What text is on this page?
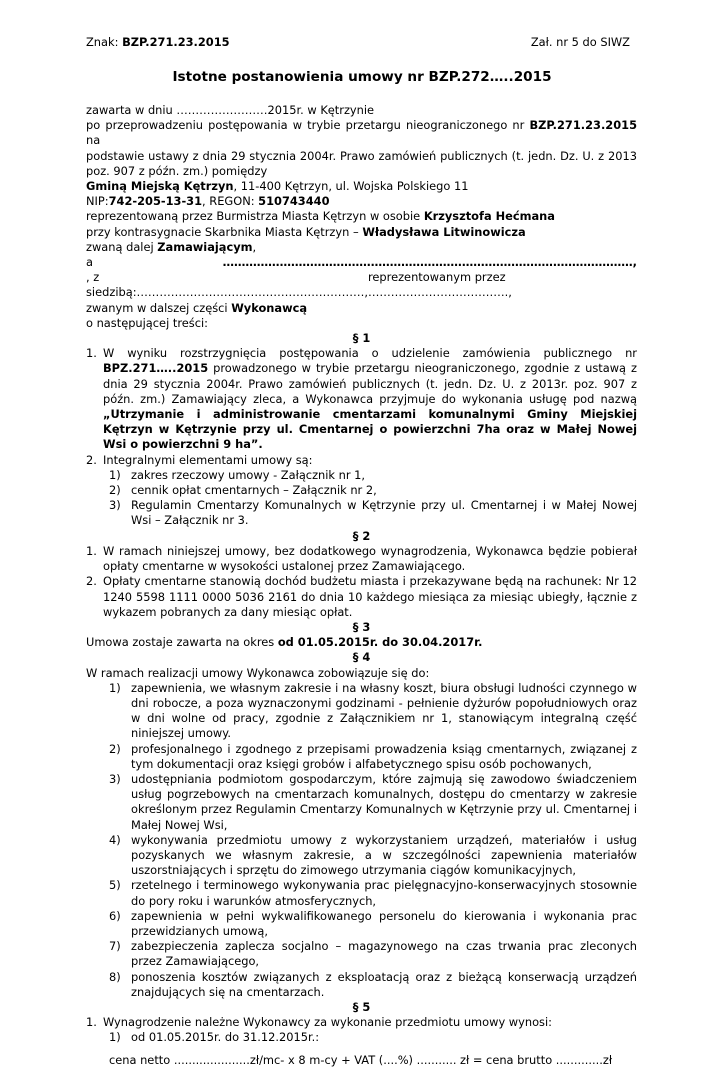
Znak: BZP.271.23.2015	Zał. nr 5 do SIWZ
Istotne postanowienia umowy nr BZP.272…..2015

zawarta w dniu ……………………2015r. w Kętrzynie

po przeprowadzeniu postępowania w trybie przetargu nieograniczonego nr BZP.271.23.2015 na

podstawie ustawy z dnia 29 stycznia 2004r. Prawo zamówień publicznych (t. jedn. Dz. U. z 2013 poz. 907 z późn. zm.) pomiędzy

Gminą Miejską Kętrzyn, 11-400 Kętrzyn, ul. Wojska Polskiego 11

NIP:742-205-13-31, REGON: 510743440

reprezentowaną przez Burmistrza Miasta Kętrzyn w osobie Krzysztofa Hećmana

przy kontrasygnacie Skarbnika Miasta Kętrzyn – Władysława Litwinowicza

zwaną dalej Zamawiającym,

a	………………………………………………………………………………………………,

, z siedzibą:……………………………………………………,
reprezentowanym przez ……………………………….,

zwanym w dalszej części Wykonawcą

o następującej treści:

§ 1

1. W wyniku rozstrzygnięcia postępowania o udzielenie zamówienia publicznego nr BPZ.271…..2015 prowadzonego w trybie przetargu nieograniczonego, zgodnie z ustawą z dnia 29 stycznia 2004r. Prawo zamówień publicznych (t. jedn. Dz. U. z 2013r. poz. 907 z późn. zm.) Zamawiający zleca, a Wykonawca przyjmuje do wykonania usługę pod nazwą „Utrzymanie i administrowanie cmentarzami komunalnymi Gminy Miejskiej Kętrzyn w Kętrzynie przy ul. Cmentarnej o powierzchni 7ha oraz w Małej Nowej Wsi o powierzchni 9 ha”.
2. Integralnymi elementami umowy są:
1) zakres rzeczowy umowy - Załącznik nr 1,
2) cennik opłat cmentarnych – Załącznik nr 2,
3) Regulamin Cmentarzy Komunalnych w Kętrzynie przy ul. Cmentarnej i w Małej Nowej Wsi – Załącznik nr 3.

§ 2

1. W ramach niniejszej umowy, bez dodatkowego wynagrodzenia, Wykonawca będzie pobierał opłaty cmentarne w wysokości ustalonej przez Zamawiającego.
2. Opłaty cmentarne stanowią dochód budżetu miasta i przekazywane będą na rachunek: Nr 12 1240 5598 1111 0000 5036 2161 do dnia 10 każdego miesiąca za miesiąc ubiegły, łącznie z wykazem pobranych za dany miesiąc opłat.

§ 3

Umowa zostaje zawarta na okres od 01.05.2015r. do 30.04.2017r.

§ 4

W ramach realizacji umowy Wykonawca zobowiązuje się do:

1) zapewnienia, we własnym zakresie i na własny koszt, biura obsługi ludności czynnego w dni robocze, a poza wyznaczonymi godzinami - pełnienie dyżurów popołudniowych oraz w dni wolne od pracy, zgodnie z Załącznikiem nr 1, stanowiącym integralną część niniejszej umowy.
2) profesjonalnego i zgodnego z przepisami prowadzenia ksiąg cmentarnych, związanej z tym dokumentacji oraz księgi grobów i alfabetycznego spisu osób pochowanych,
3) udostępniania podmiotom gospodarczym, które zajmują się zawodowo świadczeniem usług pogrzebowych na cmentarzach komunalnych, dostępu do cmentarzy w zakresie określonym przez Regulamin Cmentarzy Komunalnych w Kętrzynie przy ul. Cmentarnej i Małej Nowej Wsi,
4) wykonywania przedmiotu umowy z wykorzystaniem urządzeń, materiałów i usług pozyskanych we własnym zakresie, a w szczególności zapewnienia materiałów uszorstniających i sprzętu do zimowego utrzymania ciągów komunikacyjnych,
5) rzetelnego i terminowego wykonywania prac pielęgnacyjno-konserwacyjnych stosownie do pory roku i warunków atmosferycznych,
6) zapewnienia w pełni wykwalifikowanego personelu do kierowania i wykonania prac przewidzianych umową,
7) zabezpieczenia zaplecza socjalno – magazynowego na czas trwania prac zleconych przez Zamawiającego,
8) ponoszenia kosztów związanych z eksploatacją oraz z bieżącą konserwacją urządzeń znajdujących się na cmentarzach.

§ 5

1. Wynagrodzenie należne Wykonawcy za wykonanie przedmiotu umowy wynosi:
1) od 01.05.2015r. do 31.12.2015r.:

cena netto .....................zł/mc- x 8 m-cy + VAT (....%) ........... zł = cena brutto .............zł
